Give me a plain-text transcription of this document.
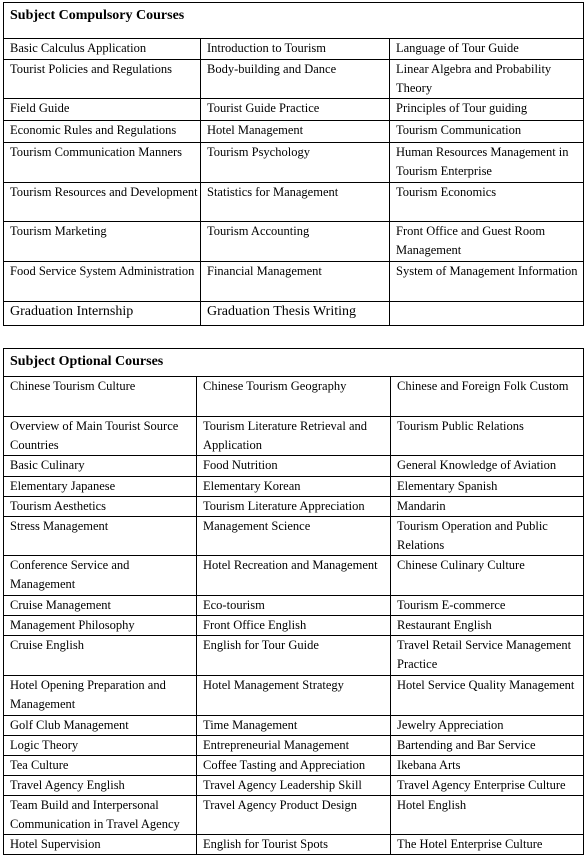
Subject Compulsory Courses		
Basic Calculus Application	Introduction to Tourism	Language of Tour Guide
Tourist Policies and Regulations	Body-building and Dance	Linear Algebra and Probability Theory
Field Guide	Tourist Guide Practice	Principles of Tour guiding
Economic Rules and Regulations	Hotel Management	Tourism Communication
Tourism Communication Manners	Tourism Psychology	Human Resources Management in Tourism Enterprise
Tourism Resources and Development	Statistics for Management	Tourism Economics
Tourism Marketing	Tourism Accounting	Front Office and Guest Room Management
Food Service System Administration	Financial Management	System of Management Information
Graduation Internship	Graduation Thesis Writing	
Subject Optional Courses		
Chinese Tourism Culture	Chinese Tourism Geography	Chinese and Foreign Folk Custom
Overview of Main Tourist Source Countries	Tourism Literature Retrieval and Application	Tourism Public Relations
Basic Culinary	Food Nutrition	General Knowledge of Aviation
Elementary Japanese	Elementary Korean	Elementary Spanish
Tourism Aesthetics	Tourism Literature Appreciation	Mandarin
Stress Management	Management Science	Tourism Operation and Public Relations
Conference Service and Management	Hotel Recreation and Management	Chinese Culinary Culture
Cruise Management	Eco-tourism	Tourism E-commerce
Management Philosophy	Front Office English	Restaurant English
Cruise English	English for Tour Guide	Travel Retail Service Management Practice
Hotel Opening Preparation and Management	Hotel Management Strategy	Hotel Service Quality Management
Golf Club Management	Time Management	Jewelry Appreciation
Logic Theory	Entrepreneurial Management	Bartending and Bar Service
Tea Culture	Coffee Tasting and Appreciation	Ikebana Arts
Travel Agency English	Travel Agency Leadership Skill	Travel Agency Enterprise Culture
Team Build and Interpersonal Communication in Travel Agency	Travel Agency Product Design	Hotel English
Hotel Supervision	English for Tourist Spots	The Hotel Enterprise Culture
